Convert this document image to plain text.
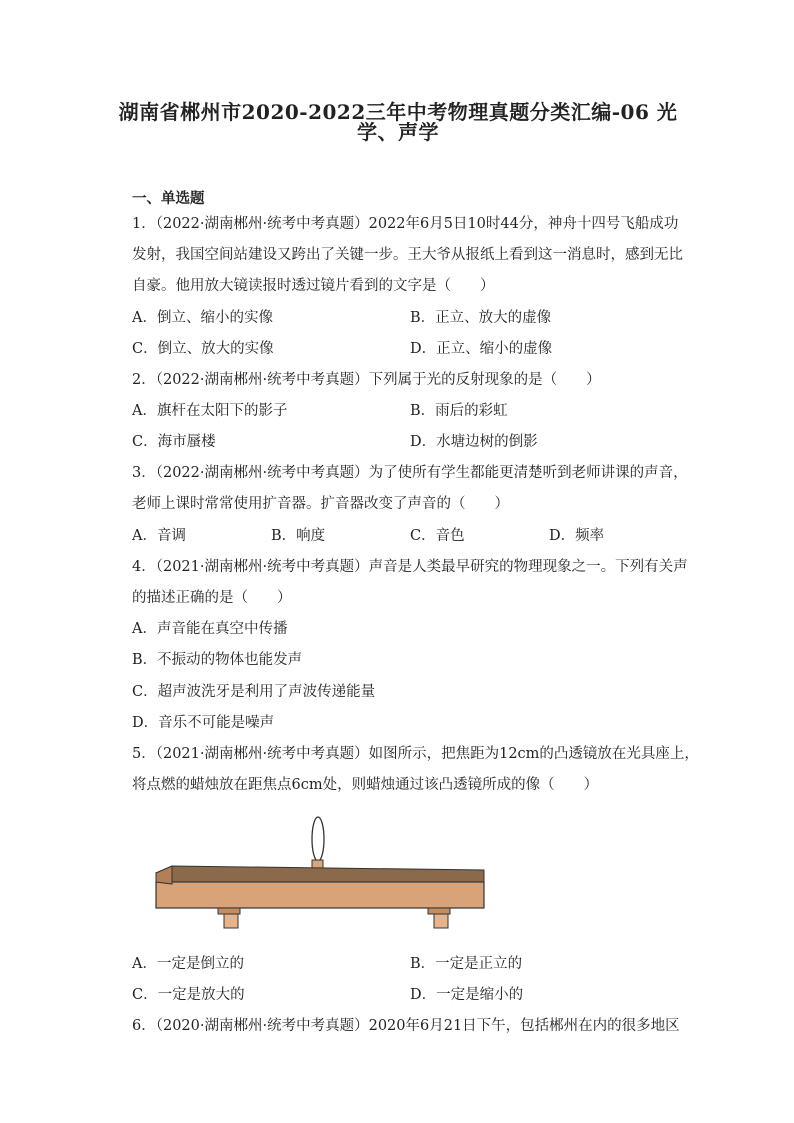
湖南省郴州市2020-2022三年中考物理真题分类汇编-06 光
学、声学
一、单选题
1．（2022·湖南郴州·统考中考真题）2022年6月5日10时44分，神舟十四号飞船成功
发射，我国空间站建设又跨出了关键一步。王大爷从报纸上看到这一消息时，感到无比
自豪。他用放大镜读报时透过镜片看到的文字是（　　）
A．倒立、缩小的实像	B．正立、放大的虚像
C．倒立、放大的实像	D．正立、缩小的虚像
2．（2022·湖南郴州·统考中考真题）下列属于光的反射现象的是（　　）
A．旗杆在太阳下的影子	B．雨后的彩虹
C．海市蜃楼	D．水塘边树的倒影
3．（2022·湖南郴州·统考中考真题）为了使所有学生都能更清楚听到老师讲课的声音，
老师上课时常常使用扩音器。扩音器改变了声音的（　　）
A．音调	B．响度	C．音色	D．频率
4．（2021·湖南郴州·统考中考真题）声音是人类最早研究的物理现象之一。下列有关声
的描述正确的是（　　）
A．声音能在真空中传播
B．不振动的物体也能发声
C．超声波洗牙是利用了声波传递能量
D．音乐不可能是噪声
5．（2021·湖南郴州·统考中考真题）如图所示，把焦距为12cm的凸透镜放在光具座上，
将点燃的蜡烛放在距焦点6cm处，则蜡烛通过该凸透镜所成的像（　　）
A．一定是倒立的	B．一定是正立的
C．一定是放大的	D．一定是缩小的
6．（2020·湖南郴州·统考中考真题）2020年6月21日下午，包括郴州在内的很多地区
